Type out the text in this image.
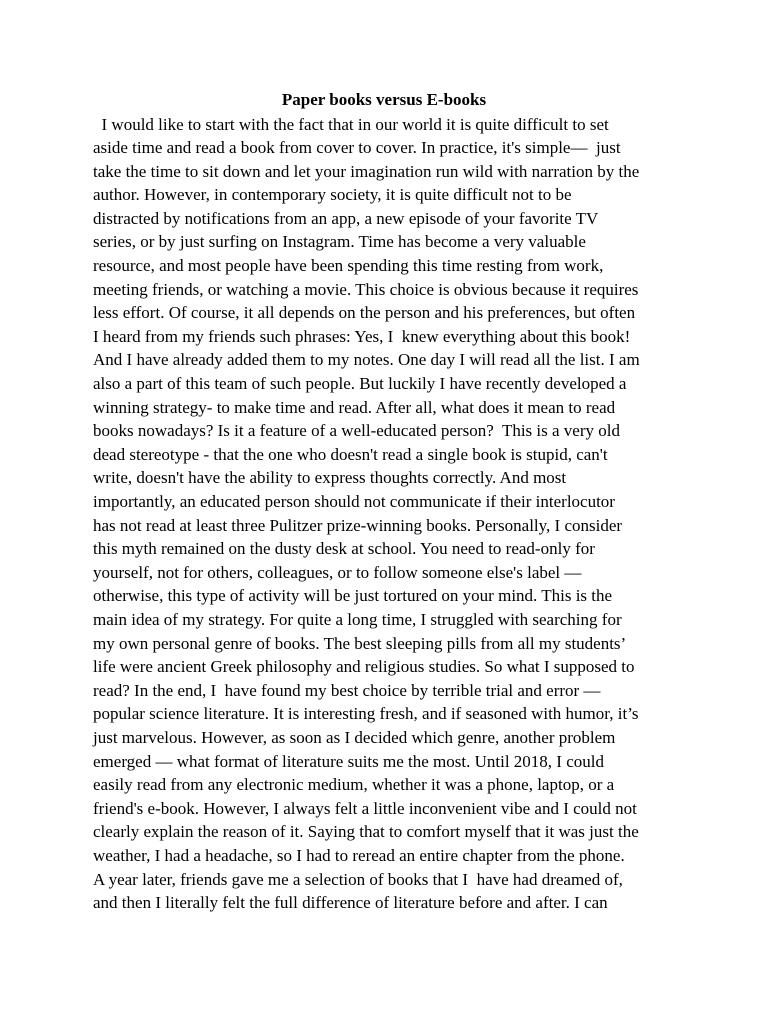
Paper books versus E-books
I would like to start with the fact that in our world it is quite difficult to set
aside time and read a book from cover to cover. In practice, it's simple—  just
take the time to sit down and let your imagination run wild with narration by the
author. However, in contemporary society, it is quite difficult not to be
distracted by notifications from an app, a new episode of your favorite TV
series, or by just surfing on Instagram. Time has become a very valuable
resource, and most people have been spending this time resting from work,
meeting friends, or watching a movie. This choice is obvious because it requires
less effort. Of course, it all depends on the person and his preferences, but often
I heard from my friends such phrases: Yes, I  knew everything about this book!
And I have already added them to my notes. One day I will read all the list. I am
also a part of this team of such people. But luckily I have recently developed a
winning strategy- to make time and read. After all, what does it mean to read
books nowadays? Is it a feature of a well-educated person?  This is a very old
dead stereotype - that the one who doesn't read a single book is stupid, can't
write, doesn't have the ability to express thoughts correctly. And most
importantly, an educated person should not communicate if their interlocutor
has not read at least three Pulitzer prize-winning books. Personally, I consider
this myth remained on the dusty desk at school. You need to read-only for
yourself, not for others, colleagues, or to follow someone else's label —
otherwise, this type of activity will be just tortured on your mind. This is the
main idea of my strategy. For quite a long time, I struggled with searching for
my own personal genre of books. The best sleeping pills from all my students’
life were ancient Greek philosophy and religious studies. So what I supposed to
read? In the end, I  have found my best choice by terrible trial and error —
popular science literature. It is interesting fresh, and if seasoned with humor, it’s
just marvelous. However, as soon as I decided which genre, another problem
emerged — what format of literature suits me the most. Until 2018, I could
easily read from any electronic medium, whether it was a phone, laptop, or a
friend's e-book. However, I always felt a little inconvenient vibe and I could not
clearly explain the reason of it. Saying that to comfort myself that it was just the
weather, I had a headache, so I had to reread an entire chapter from the phone.
A year later, friends gave me a selection of books that I  have had dreamed of,
and then I literally felt the full difference of literature before and after. I can
